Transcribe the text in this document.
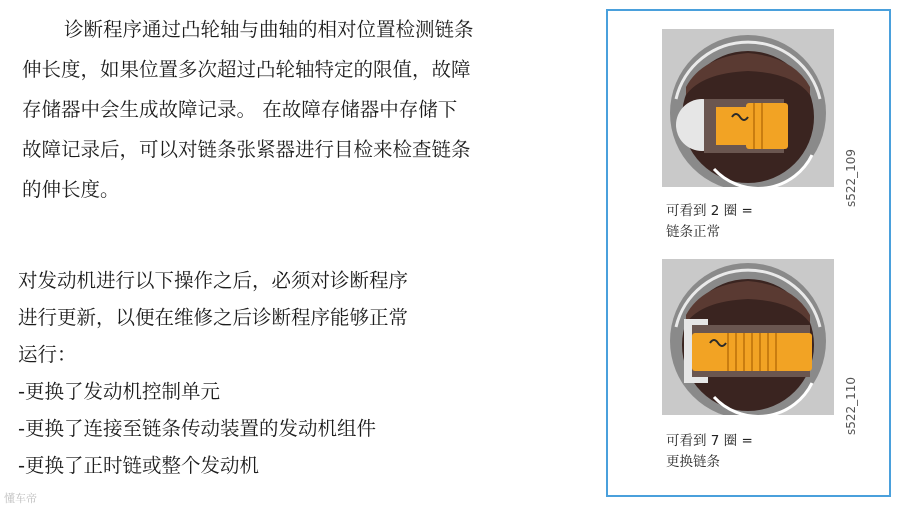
诊断程序通过凸轮轴与曲轴的相对位置检测链条
伸长度，如果位置多次超过凸轮轴特定的限值，故障
存储器中会生成故障记录。 在故障存储器中存储下
故障记录后，可以对链条张紧器进行目检来检查链条
的伸长度。
对发动机进行以下操作之后，必须对诊断程序
进行更新，以便在维修之后诊断程序能够正常
运行：
-更换了发动机控制单元
-更换了连接至链条传动装置的发动机组件
-更换了正时链或整个发动机
s522_109
可看到 2 圈 =
链条正常
s522_110
可看到 7 圈 =
更换链条
懂车帝
